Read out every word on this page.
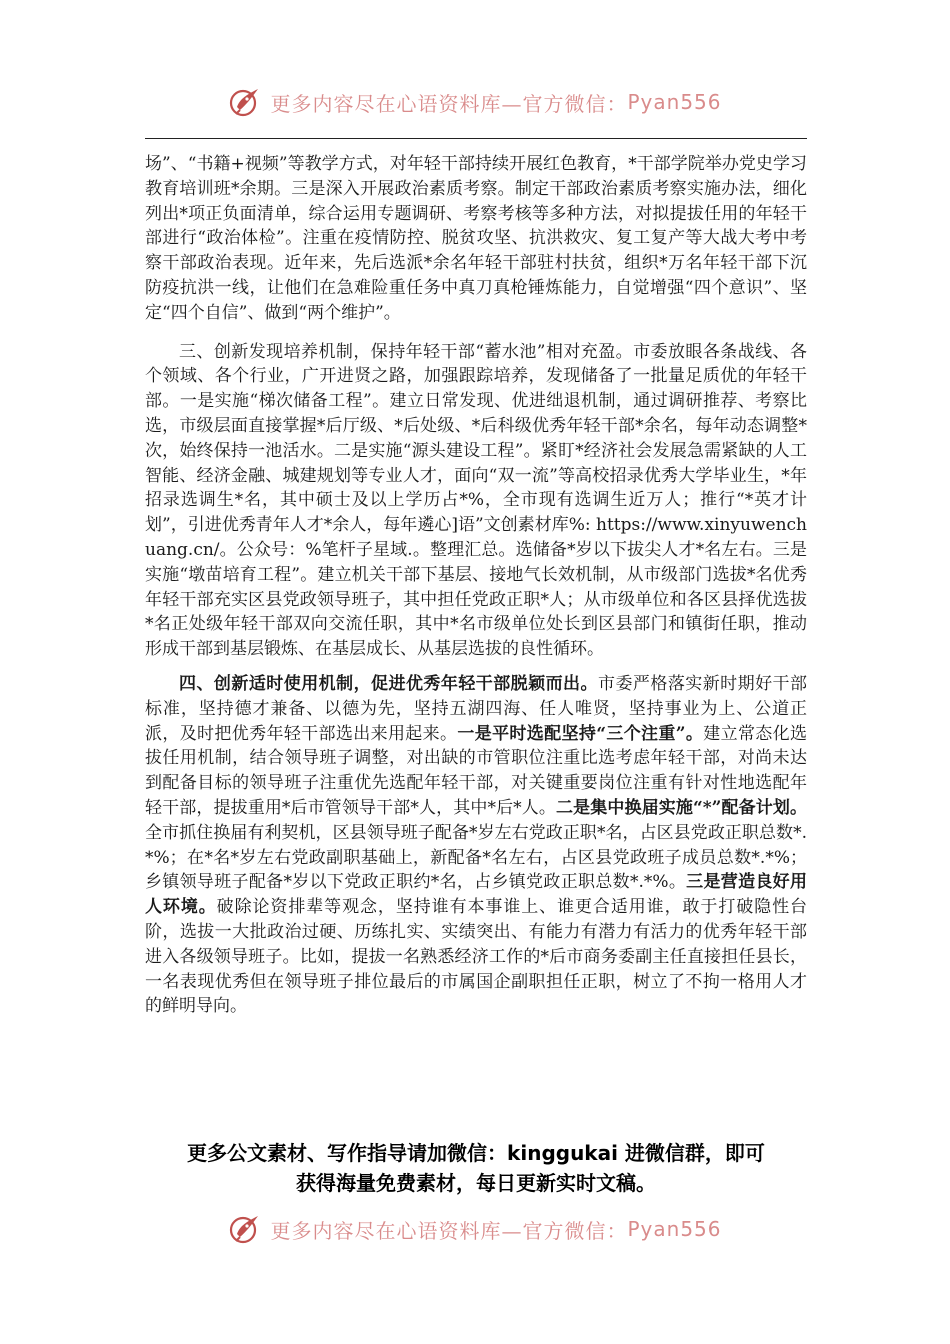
更多内容尽在心语资料库—官方微信： Pyan556

场”、“书籍+视频”等教学方式，对年轻干部持续开展红色教育，*干部学院举办党史学习教育培训班*余期。三是深入开展政治素质考察。制定干部政治素质考察实施办法，细化列出*项正负面清单，综合运用专题调研、考察考核等多种方法，对拟提拔任用的年轻干部进行“政治体检”。注重在疫情防控、脱贫攻坚、抗洪救灾、复工复产等大战大考中考察干部政治表现。近年来，先后选派*余名年轻干部驻村扶贫，组织*万名年轻干部下沉防疫抗洪一线，让他们在急难险重任务中真刀真枪锤炼能力，自觉增强“四个意识”、坚定“四个自信”、做到“两个维护”。

三、创新发现培养机制，保持年轻干部“蓄水池”相对充盈。市委放眼各条战线、各个领域、各个行业，广开进贤之路，加强跟踪培养，发现储备了一批量足质优的年轻干部。一是实施“梯次储备工程”。建立日常发现、优进绌退机制，通过调研推荐、考察比选，市级层面直接掌握*后厅级、*后处级、*后科级优秀年轻干部*余名，每年动态调整*次，始终保持一池活水。二是实施“源头建设工程”。紧盯*经济社会发展急需紧缺的人工智能、经济金融、城建规划等专业人才，面向“双一流”等高校招录优秀大学毕业生，*年招录选调生*名，其中硕士及以上学历占*%，全市现有选调生近万人；推行“*英才计划”，引进优秀青年人才*余人，每年遴心]语”文创素材库%: https://www.xinyuwenchuang.cn/。公众号：%笔杆子星域.。整理汇总。选储备*岁以下拔尖人才*名左右。三是实施“墩苗培育工程”。建立机关干部下基层、接地气长效机制，从市级部门选拔*名优秀年轻干部充实区县党政领导班子，其中担任党政正职*人；从市级单位和各区县择优选拔*名正处级年轻干部双向交流任职，其中*名市级单位处长到区县部门和镇街任职，推动形成干部到基层锻炼、在基层成长、从基层选拔的良性循环。

四、创新适时使用机制，促进优秀年轻干部脱颖而出。市委严格落实新时期好干部标准，坚持德才兼备、以德为先，坚持五湖四海、任人唯贤，坚持事业为上、公道正派，及时把优秀年轻干部选出来用起来。一是平时选配坚持“三个注重”。建立常态化选拔任用机制，结合领导班子调整，对出缺的市管职位注重比选考虑年轻干部，对尚未达到配备目标的领导班子注重优先选配年轻干部，对关键重要岗位注重有针对性地选配年轻干部，提拔重用*后市管领导干部*人，其中*后*人。二是集中换届实施“*”配备计划。全市抓住换届有利契机，区县领导班子配备*岁左右党政正职*名，占区县党政正职总数*.*%；在*名*岁左右党政副职基础上，新配备*名左右，占区县党政班子成员总数*.*%；乡镇领导班子配备*岁以下党政正职约*名，占乡镇党政正职总数*.*%。三是营造良好用人环境。破除论资排辈等观念，坚持谁有本事谁上、谁更合适用谁，敢于打破隐性台阶，选拔一大批政治过硬、历练扎实、实绩突出、有能力有潜力有活力的优秀年轻干部进入各级领导班子。比如，提拔一名熟悉经济工作的*后市商务委副主任直接担任县长，一名表现优秀但在领导班子排位最后的市属国企副职担任正职，树立了不拘一格用人才的鲜明导向。

更多公文素材、写作指导请加微信：kinggukai 进微信群，即可
获得海量免费素材，每日更新实时文稿。
更多内容尽在心语资料库—官方微信： Pyan556
